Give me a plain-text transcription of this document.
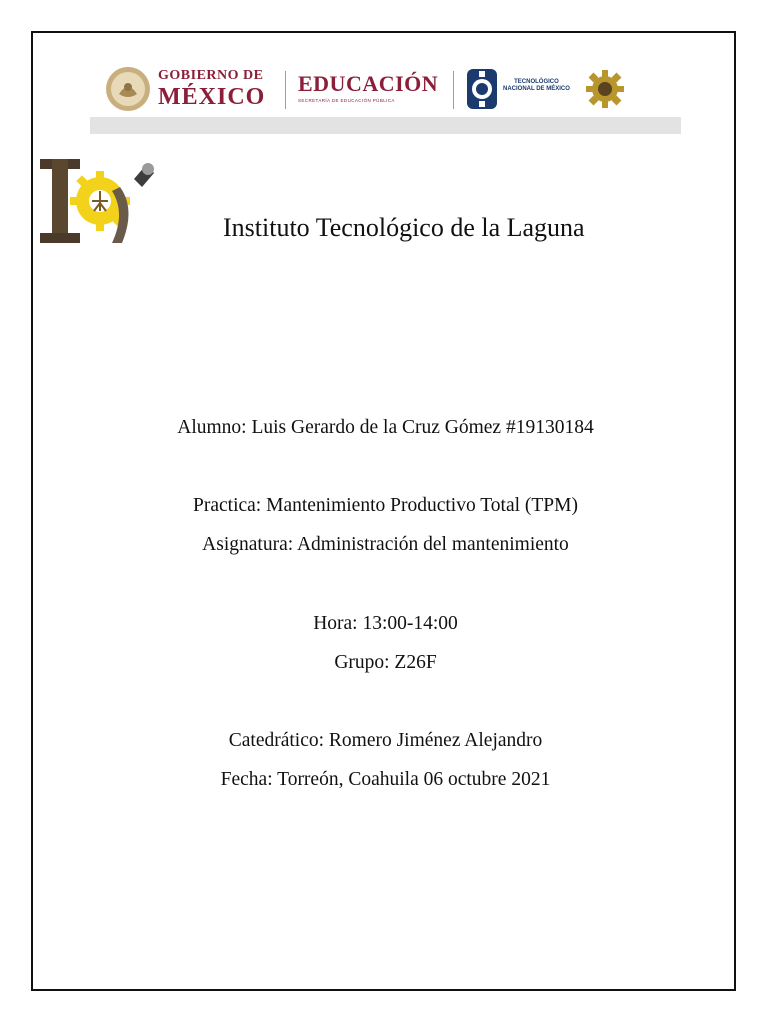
GOBIERNO DE
MÉXICO
EDUCACIÓN
SECRETARÍA DE EDUCACIÓN PÚBLICA
TECNOLÓGICO
NACIONAL DE MÉXICO
Instituto Tecnológico de la Laguna
Alumno: Luis Gerardo de la Cruz Gómez #19130184
Practica: Mantenimiento Productivo Total (TPM)
Asignatura: Administración del mantenimiento
Hora: 13:00-14:00
Grupo: Z26F
Catedrático: Romero Jiménez Alejandro
Fecha: Torreón, Coahuila 06 octubre 2021
